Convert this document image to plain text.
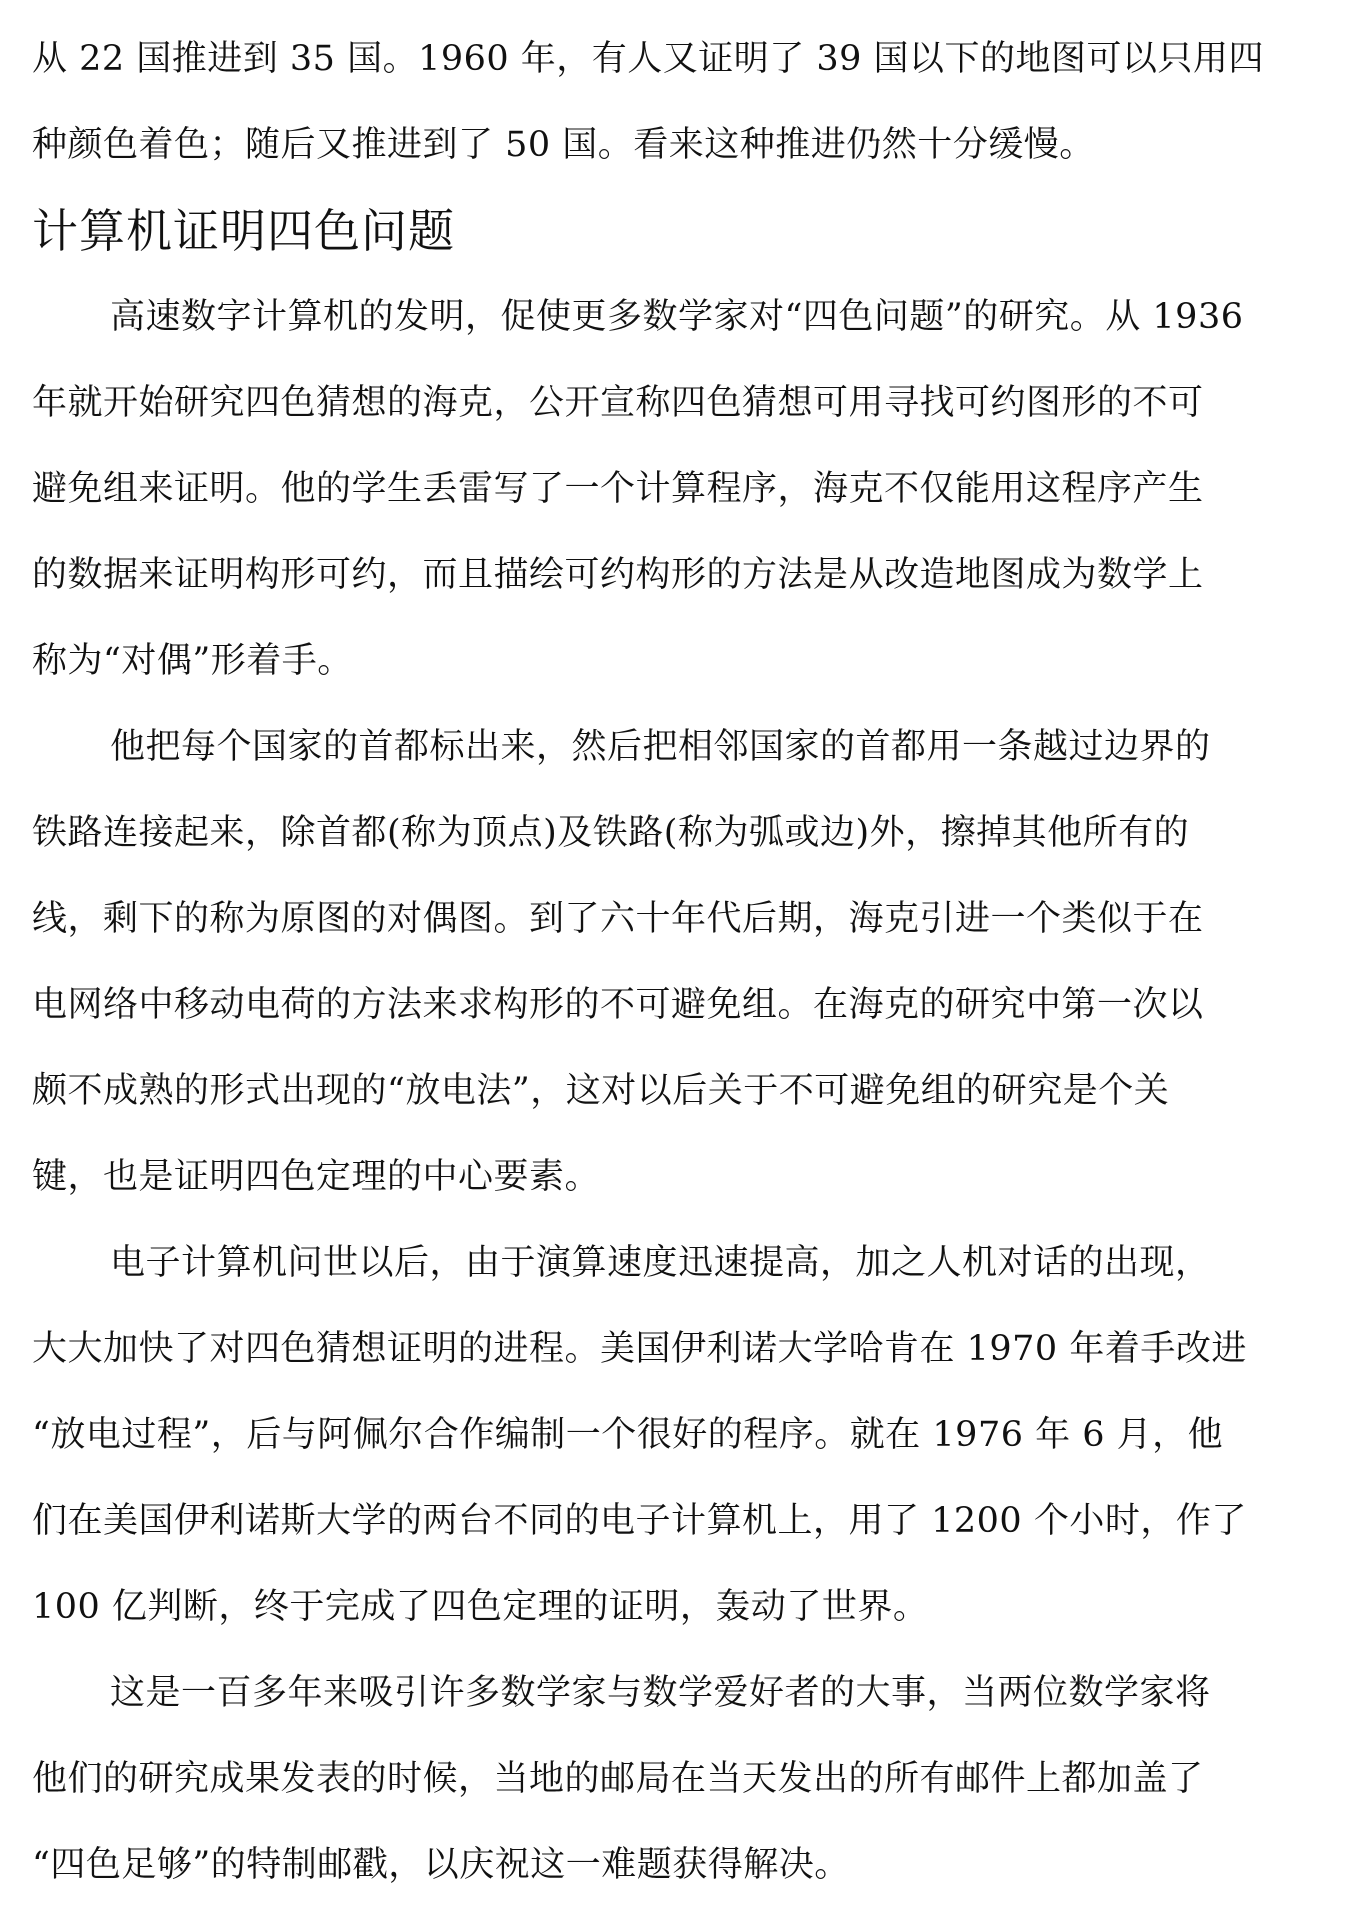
从 22 国推进到 35 国。1960 年，有人又证明了 39 国以下的地图可以只用四
种颜色着色；随后又推进到了 50 国。看来这种推进仍然十分缓慢。
计算机证明四色问题
高速数字计算机的发明，促使更多数学家对“四色问题”的研究。从 1936
年就开始研究四色猜想的海克，公开宣称四色猜想可用寻找可约图形的不可
避免组来证明。他的学生丢雷写了一个计算程序，海克不仅能用这程序产生
的数据来证明构形可约，而且描绘可约构形的方法是从改造地图成为数学上
称为“对偶”形着手。
他把每个国家的首都标出来，然后把相邻国家的首都用一条越过边界的
铁路连接起来，除首都(称为顶点)及铁路(称为弧或边)外，擦掉其他所有的
线，剩下的称为原图的对偶图。到了六十年代后期，海克引进一个类似于在
电网络中移动电荷的方法来求构形的不可避免组。在海克的研究中第一次以
颇不成熟的形式出现的“放电法”，这对以后关于不可避免组的研究是个关
键，也是证明四色定理的中心要素。
电子计算机问世以后，由于演算速度迅速提高，加之人机对话的出现，
大大加快了对四色猜想证明的进程。美国伊利诺大学哈肯在 1970 年着手改进
“放电过程”，后与阿佩尔合作编制一个很好的程序。就在 1976 年 6 月，他
们在美国伊利诺斯大学的两台不同的电子计算机上，用了 1200 个小时，作了
100 亿判断，终于完成了四色定理的证明，轰动了世界。
这是一百多年来吸引许多数学家与数学爱好者的大事，当两位数学家将
他们的研究成果发表的时候，当地的邮局在当天发出的所有邮件上都加盖了
“四色足够”的特制邮戳，以庆祝这一难题获得解决。
